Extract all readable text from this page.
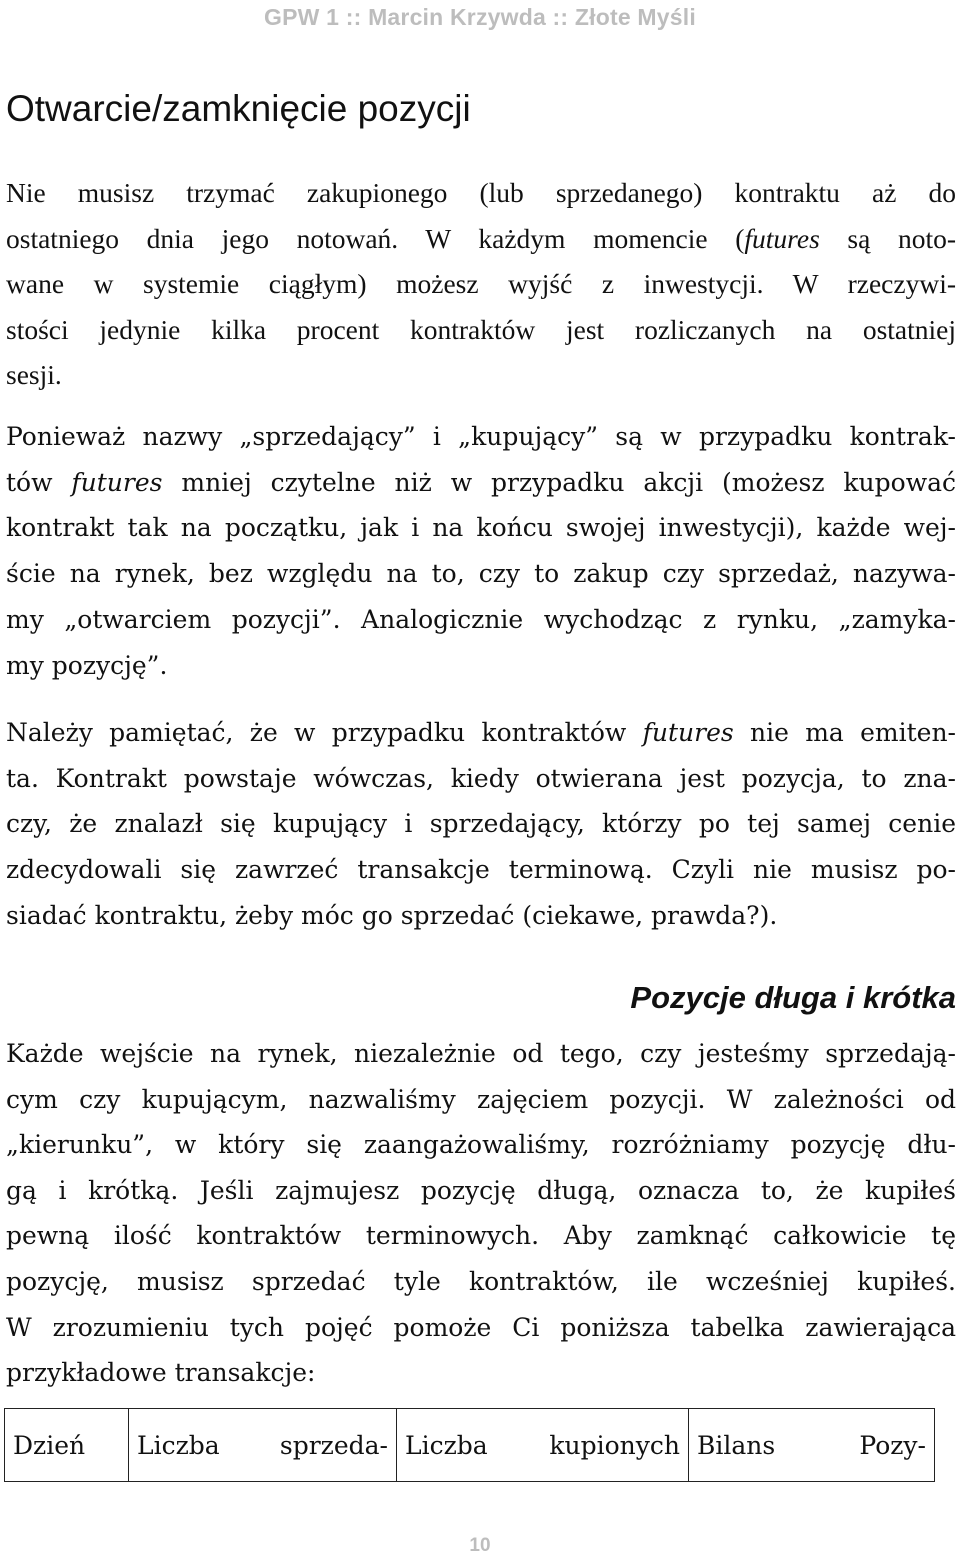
GPW 1 :: Marcin Krzywda :: Złote Myśli
Otwarcie/zamknięcie pozycji

Nie musisz trzymać zakupionego (lub sprzedanego) kontraktu aż do
ostatniego dnia jego notowań. W każdym momencie (futures są noto-
wane w systemie ciągłym) możesz wyjść z inwestycji. W rzeczywi-
stości jedynie kilka procent kontraktów jest rozliczanych na ostatniej
sesji.

Ponieważ nazwy „sprzedający” i „kupujący” są w przypadku kontrak-
tów futures mniej czytelne niż w przypadku akcji (możesz kupować
kontrakt tak na początku, jak i na końcu swojej inwestycji), każde wej-
ście na rynek, bez względu na to, czy to zakup czy sprzedaż, nazywa-
my „otwarciem pozycji”. Analogicznie wychodząc z rynku, „zamyka-
my pozycję”.

Należy pamiętać, że w przypadku kontraktów futures nie ma emiten-
ta. Kontrakt powstaje wówczas, kiedy otwierana jest pozycja, to zna-
czy, że znalazł się kupujący i sprzedający, którzy po tej samej cenie
zdecydowali się zawrzeć transakcje terminową. Czyli nie musisz po-
siadać kontraktu, żeby móc go sprzedać (ciekawe, prawda?).

Pozycje długa i krótka

Każde wejście na rynek, niezależnie od tego, czy jesteśmy sprzedają-
cym czy kupującym, nazwaliśmy zajęciem pozycji. W zależności od
„kierunku”, w który się zaangażowaliśmy, rozróżniamy pozycję dłu-
gą i krótką. Jeśli zajmujesz pozycję długą, oznacza to, że kupiłeś
pewną ilość kontraktów terminowych. Aby zamknąć całkowicie tę
pozycję, musisz sprzedać tyle kontraktów, ile wcześniej kupiłeś.
W zrozumieniu tych pojęć pomoże Ci poniższa tabelka zawierająca
przykładowe transakcje:

Dzień	Liczba sprzeda-	Liczba kupionych	Bilans Pozy-
10
